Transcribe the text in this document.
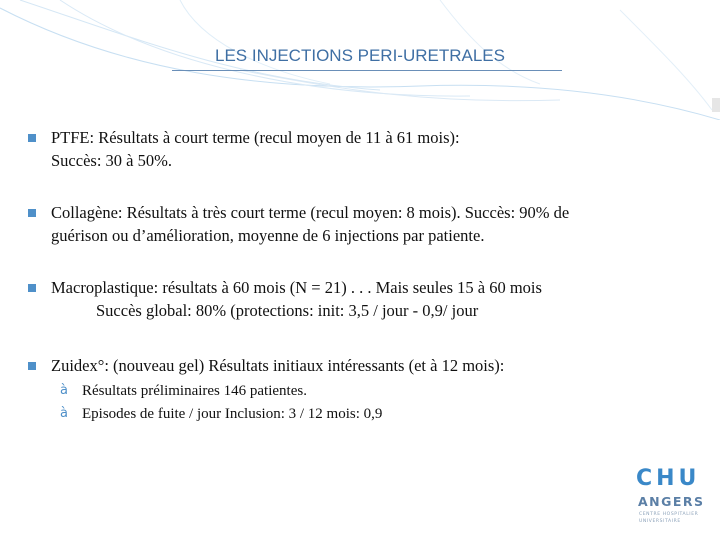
LES INJECTIONS PERI-URETRALES
PTFE: Résultats à court terme (recul moyen de 11 à 61 mois):
Succès: 30 à 50%.
Collagène: Résultats à très court terme (recul moyen: 8 mois). Succès: 90% de
guérison ou d’amélioration, moyenne de 6 injections par patiente.
Macroplastique: résultats à 60 mois (N = 21) . . . Mais seules 15 à 60 mois
Succès global: 80% (protections: init: 3,5 / jour - 0,9/ jour
Zuidex°: (nouveau gel) Résultats initiaux intéressants (et à 12 mois):
à Résultats préliminaires 146 patientes.
à Episodes de fuite / jour Inclusion: 3 / 12 mois: 0,9
CHU
ANGERS
CENTRE HOSPITALIER
UNIVERSITAIRE
